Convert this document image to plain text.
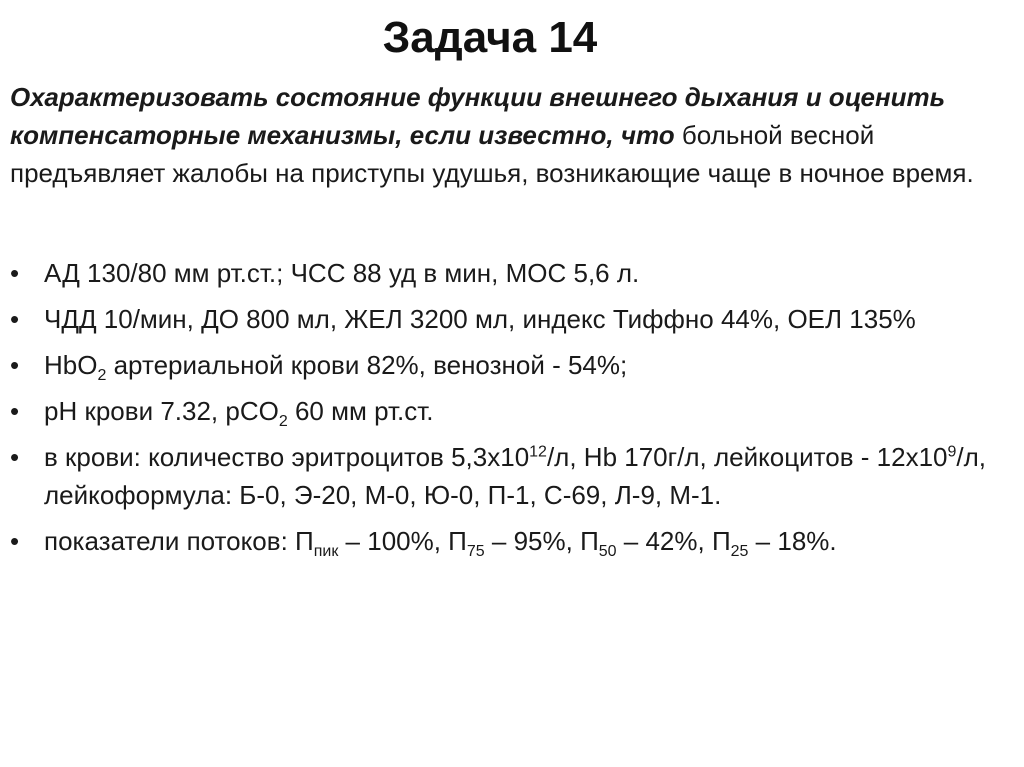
Задача 14
Охарактеризовать состояние функции внешнего дыхания и оценить компенсаторные механизмы, если известно, что больной весной предъявляет жалобы на приступы удушья, возникающие чаще в ночное время.
• АД 130/80 мм рт.ст.; ЧСС 88 уд в мин, МОС 5,6 л.
• ЧДД 10/мин, ДО 800 мл, ЖЕЛ 3200 мл, индекс Тиффно 44%, ОЕЛ 135%
• HbO$_2$ артериальной крови 82%, венозной - 54%;
• pH крови 7.32, pCO$_2$ 60 мм рт.ст.
• в крови: количество эритроцитов $5,3х10^{12}/л$, Hb 170г/л, лейкоцитов - $12х10^9/л$, лейкоформула: Б-0, Э-20, М-0, Ю-0, П-1, С-69, Л-9, М-1.
• показатели потоков: $П_{пик} - 100\%$, $П_{75} - 95\%$, $П_{50} - 42\%$, $П_{25} - 18\%$.
